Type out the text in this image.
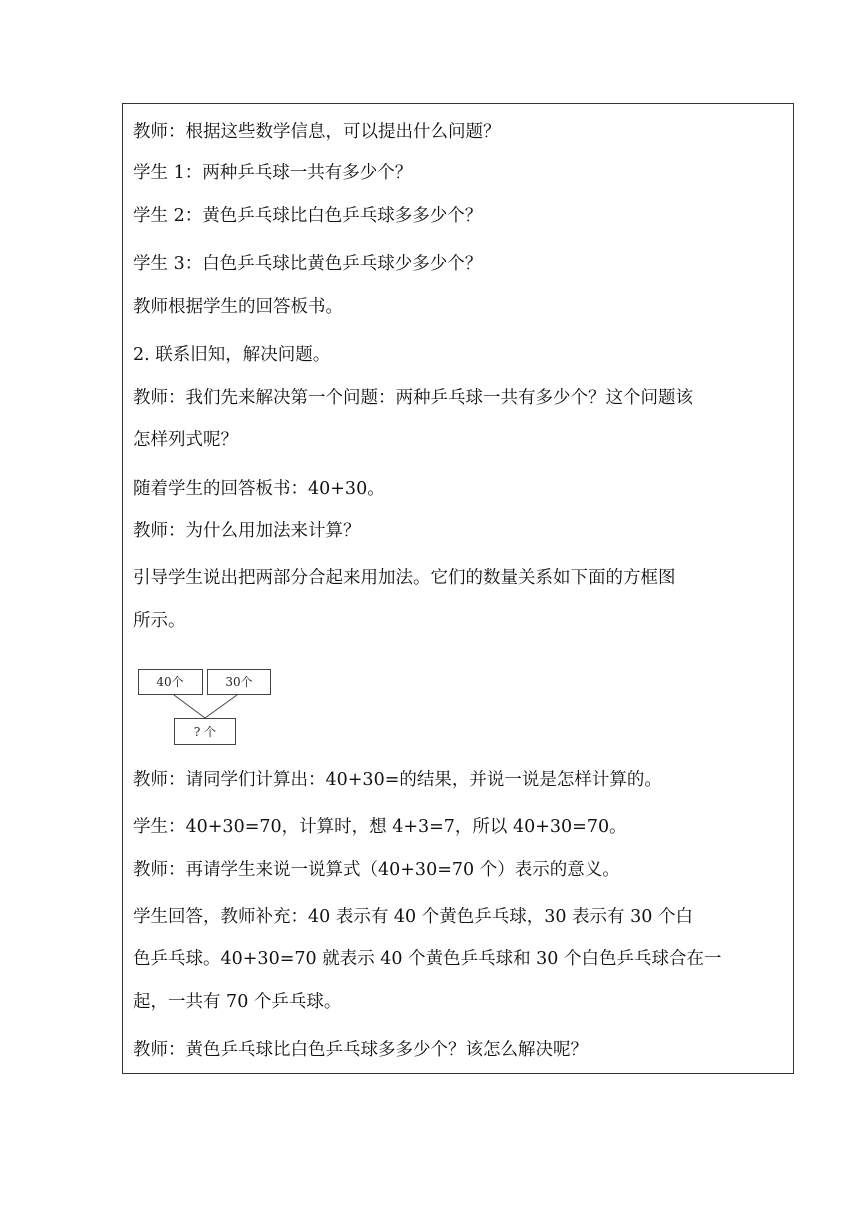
教师：根据这些数学信息，可以提出什么问题？
学生 1：两种乒乓球一共有多少个？
学生 2：黄色乒乓球比白色乒乓球多多少个？
学生 3：白色乒乓球比黄色乒乓球少多少个？
教师根据学生的回答板书。
2. 联系旧知，解决问题。
教师：我们先来解决第一个问题：两种乒乓球一共有多少个？这个问题该
怎样列式呢？
随着学生的回答板书：40+30。
教师：为什么用加法来计算？
引导学生说出把两部分合起来用加法。它们的数量关系如下面的方框图
所示。
40个	30个
? 个
教师：请同学们计算出：40+30=的结果，并说一说是怎样计算的。
学生：40+30=70，计算时，想 4+3=7，所以 40+30=70。
教师：再请学生来说一说算式（40+30=70 个）表示的意义。
学生回答，教师补充：40 表示有 40 个黄色乒乓球，30 表示有 30 个白
色乒乓球。40+30=70 就表示 40 个黄色乒乓球和 30 个白色乒乓球合在一
起，一共有 70 个乒乓球。
教师：黄色乒乓球比白色乒乓球多多少个？该怎么解决呢？
